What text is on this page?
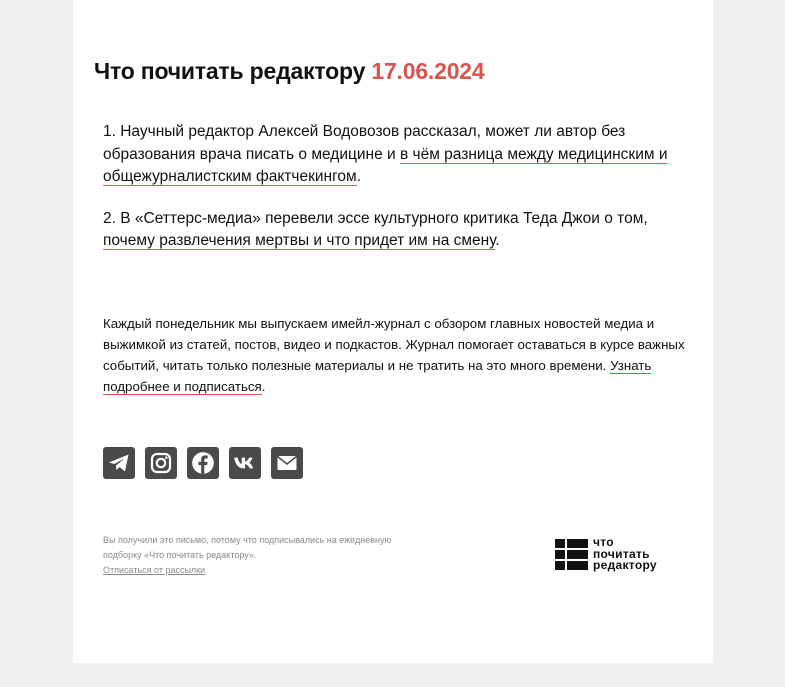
Что почитать редактору 17.06.2024

1. Научный редактор Алексей Водовозов рассказал, может ли автор без образования врача писать о медицине и в чём разница между медицинским и общежурналистским фактчекингом.

2. В «Сеттерс-медиа» перевели эссе культурного критика Теда Джои о том, почему развлечения мертвы и что придет им на смену.

Каждый понедельник мы выпускаем имейл-журнал с обзором главных новостей медиа и выжимкой из статей, постов, видео и подкастов. Журнал помогает оставаться в курсе важных событий, читать только полезные материалы и не тратить на это много времени. Узнать подробнее и подписаться.
Вы получили это письмо, потому что подписывались на ежедневную подборку «Что почитать редактору».
Отписаться от рассылки
что
почитать
редактору
